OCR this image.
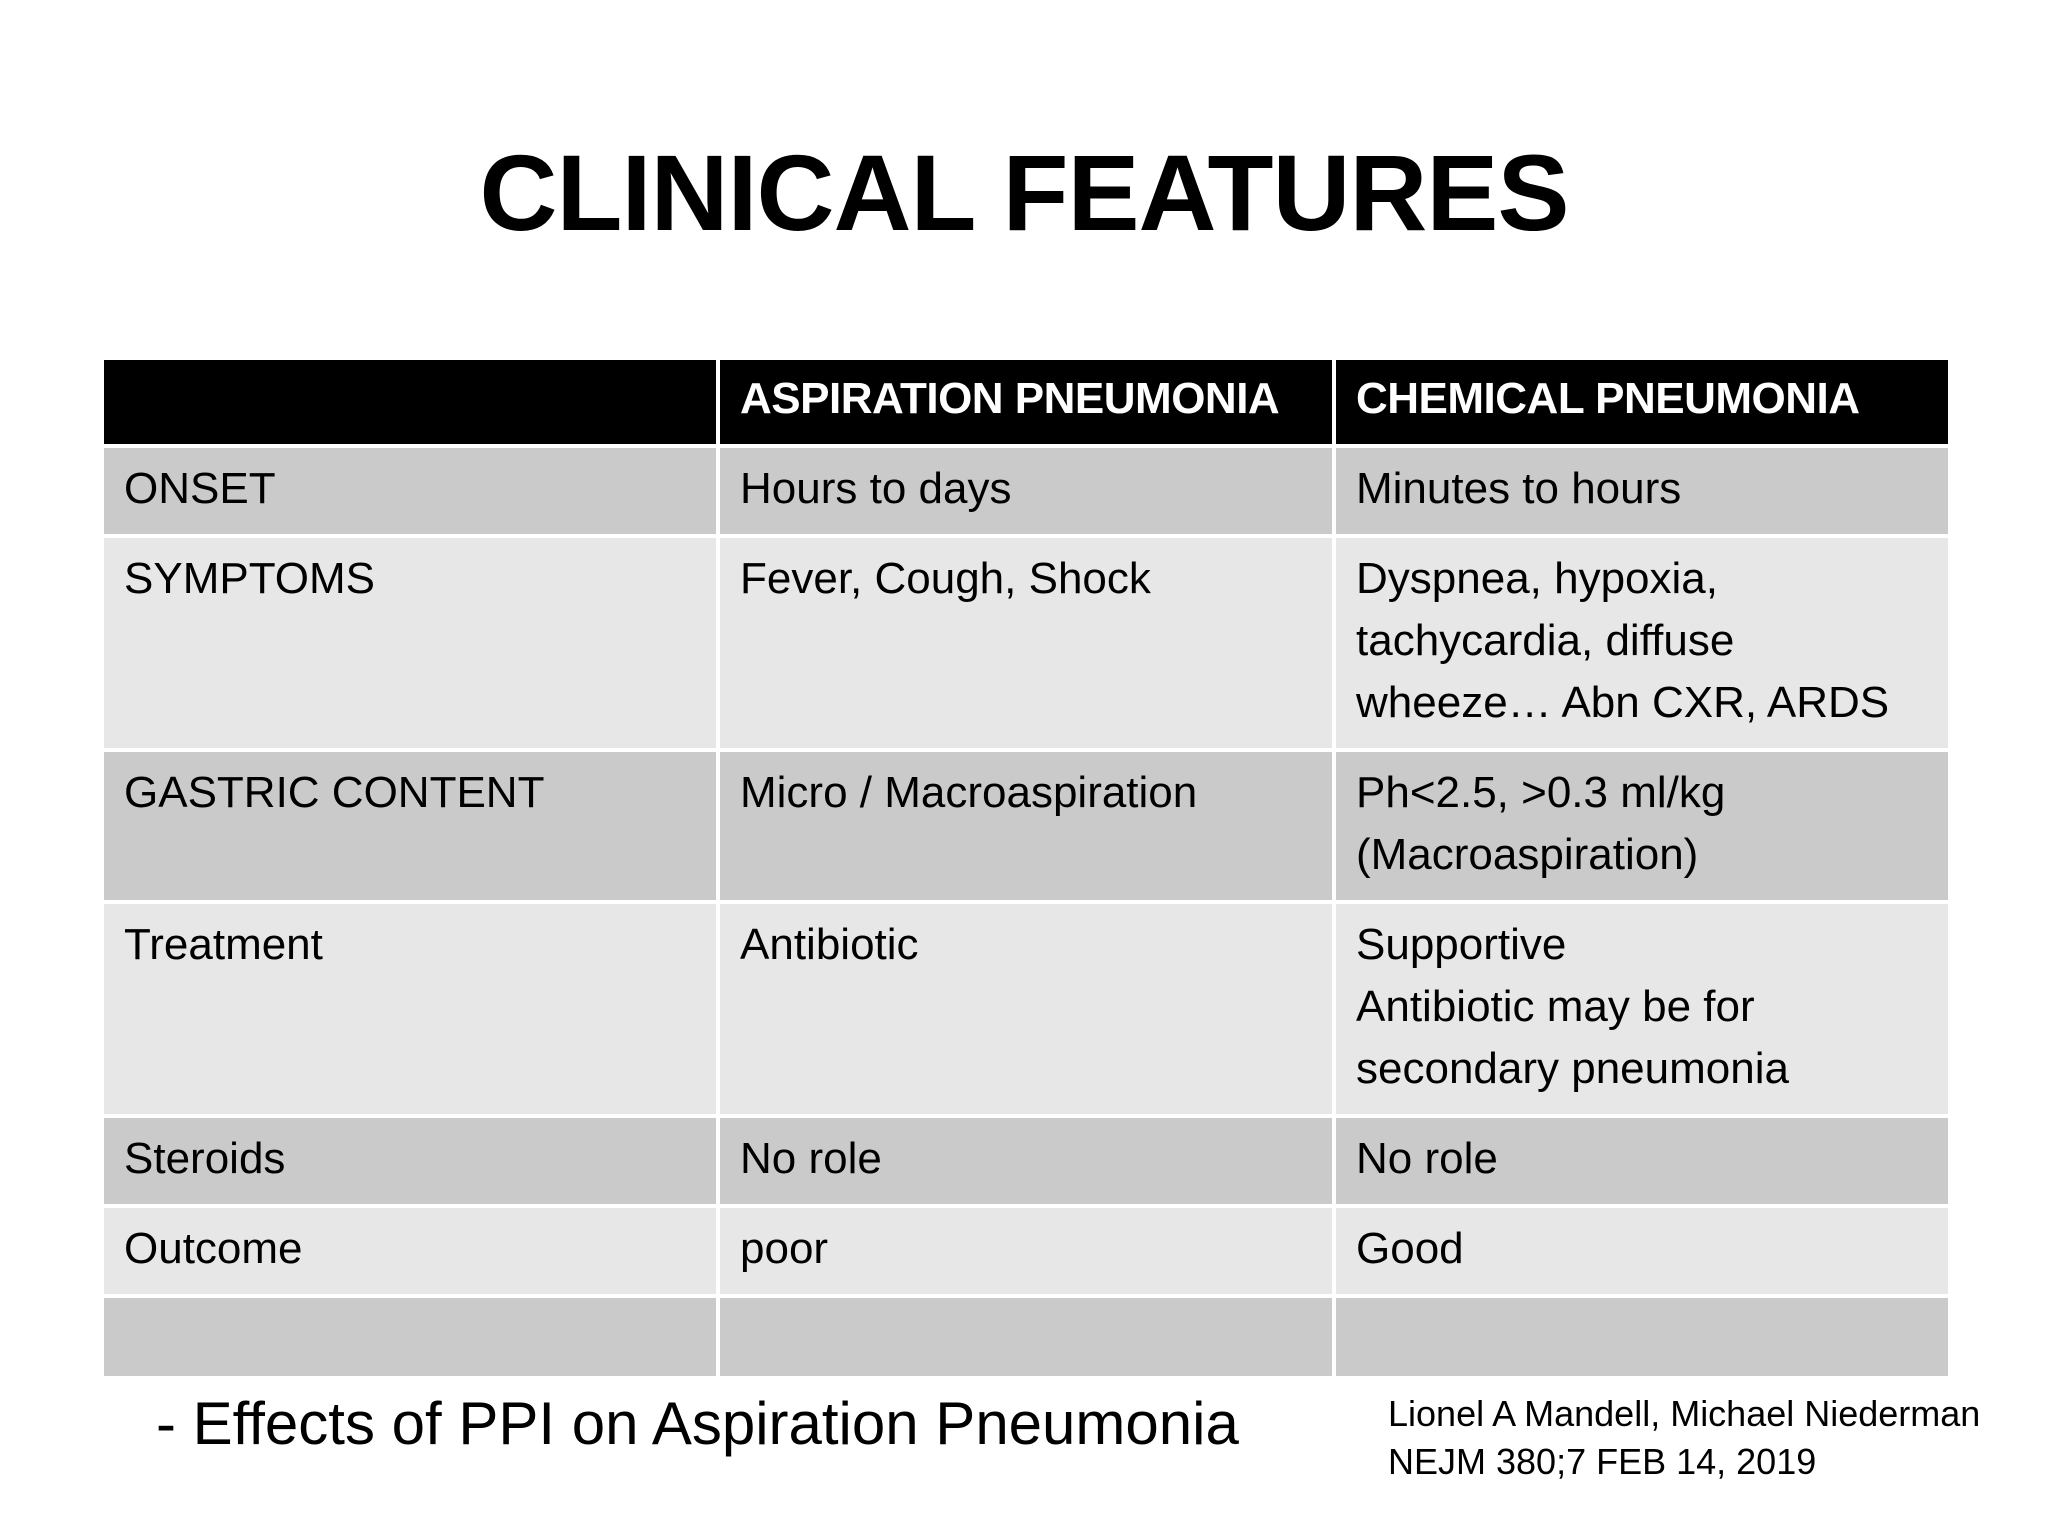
CLINICAL FEATURES
	ASPIRATION PNEUMONIA	CHEMICAL PNEUMONIA
ONSET	Hours to days	Minutes to hours

SYMPTOMS	Fever, Cough, Shock	Dyspnea, hypoxia,
tachycardia, diffuse
wheeze… Abn CXR, ARDS

GASTRIC CONTENT	Micro / Macroaspiration	Ph<2.5, >0.3 ml/kg
(Macroaspiration)

Treatment	Antibiotic	Supportive
Antibiotic may be for
secondary pneumonia

Steroids	No role	No role

Outcome	poor	Good

- Effects of PPI on Aspiration Pneumonia	Lionel A Mandell, Michael Niederman
NEJM 380;7 FEB 14, 2019
